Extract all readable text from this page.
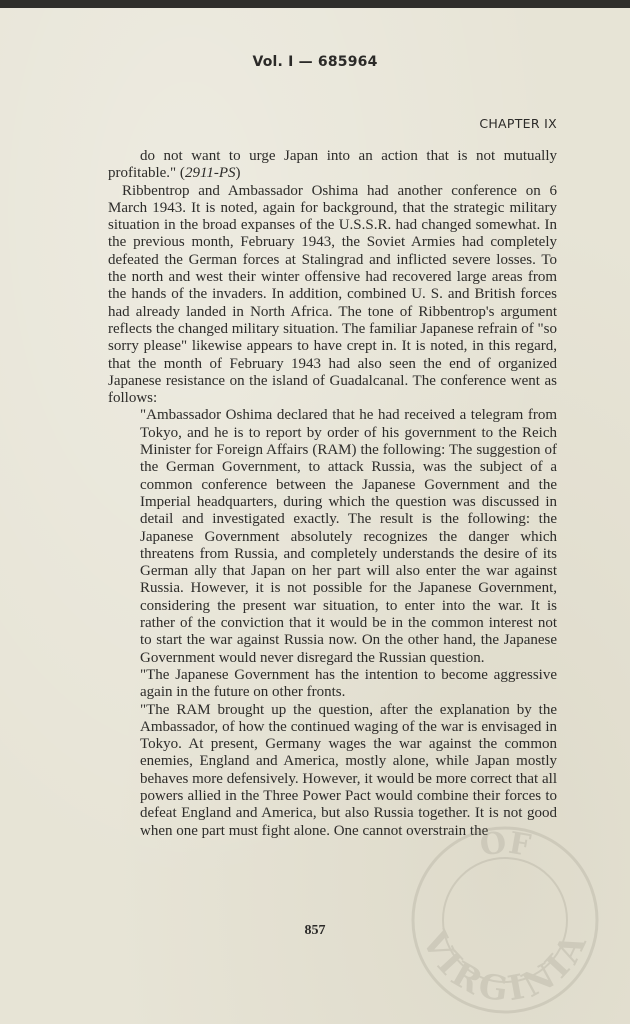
Vol. I — 685964
CHAPTER IX

do not want to urge Japan into an action that is not mutually profitable." (2911-PS)

Ribbentrop and Ambassador Oshima had another conference on 6 March 1943. It is noted, again for background, that the strategic military situation in the broad expanses of the U.S.S.R. had changed somewhat. In the previous month, February 1943, the Soviet Armies had completely defeated the German forces at Stalingrad and inflicted severe losses. To the north and west their winter offensive had recovered large areas from the hands of the invaders. In addition, combined U. S. and British forces had already landed in North Africa. The tone of Ribbentrop's argument reflects the changed military situation. The familiar Japanese refrain of "so sorry please" likewise appears to have crept in. It is noted, in this regard, that the month of February 1943 had also seen the end of organized Japanese resistance on the island of Guadalcanal. The conference went as follows:

"Ambassador Oshima declared that he had received a telegram from Tokyo, and he is to report by order of his government to the Reich Minister for Foreign Affairs (RAM) the following: The suggestion of the German Government, to attack Russia, was the subject of a common conference between the Japanese Government and the Imperial headquarters, during which the question was discussed in detail and investigated exactly. The result is the following: the Japanese Government absolutely recognizes the danger which threatens from Russia, and completely understands the desire of its German ally that Japan on her part will also enter the war against Russia. However, it is not possible for the Japanese Government, considering the present war situation, to enter into the war. It is rather of the conviction that it would be in the common interest not to start the war against Russia now. On the other hand, the Japanese Government would never disregard the Russian question.

"The Japanese Government has the intention to become aggressive again in the future on other fronts.

"The RAM brought up the question, after the explanation by the Ambassador, of how the continued waging of the war is envisaged in Tokyo. At present, Germany wages the war against the common enemies, England and America, mostly alone, while Japan mostly behaves more defensively. However, it would be more correct that all powers allied in the Three Power Pact would combine their forces to defeat England and America, but also Russia together. It is not good when one part must fight alone. One cannot overstrain the

857
OF
VIRGINIA
